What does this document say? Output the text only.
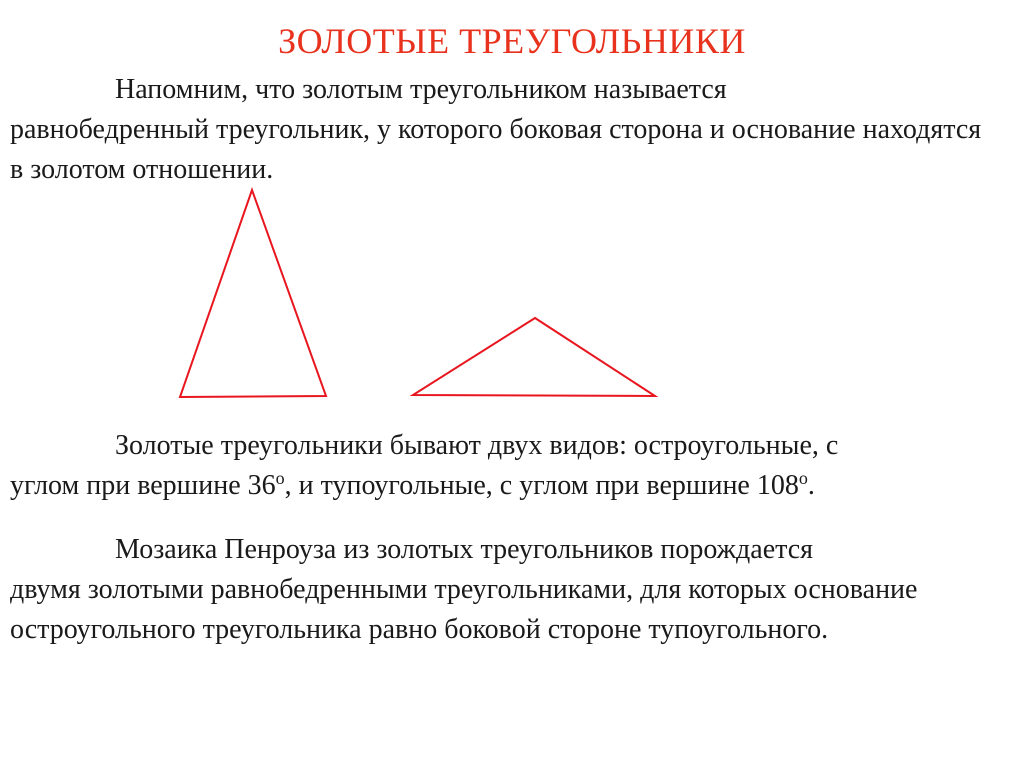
ЗОЛОТЫЕ ТРЕУГОЛЬНИКИ

Напомним, что золотым треугольником называется
равнобедренный треугольник, у которого боковая сторона и основание находятся в золотом отношении.

Золотые треугольники бывают двух видов: остроугольные, с
углом при вершине 36$^o$, и тупоугольные, с углом при вершине 108$^o$.

Мозаика Пенроуза из золотых треугольников порождается
двумя золотыми равнобедренными треугольниками, для которых основание остроугольного треугольника равно боковой стороне тупоугольного.
